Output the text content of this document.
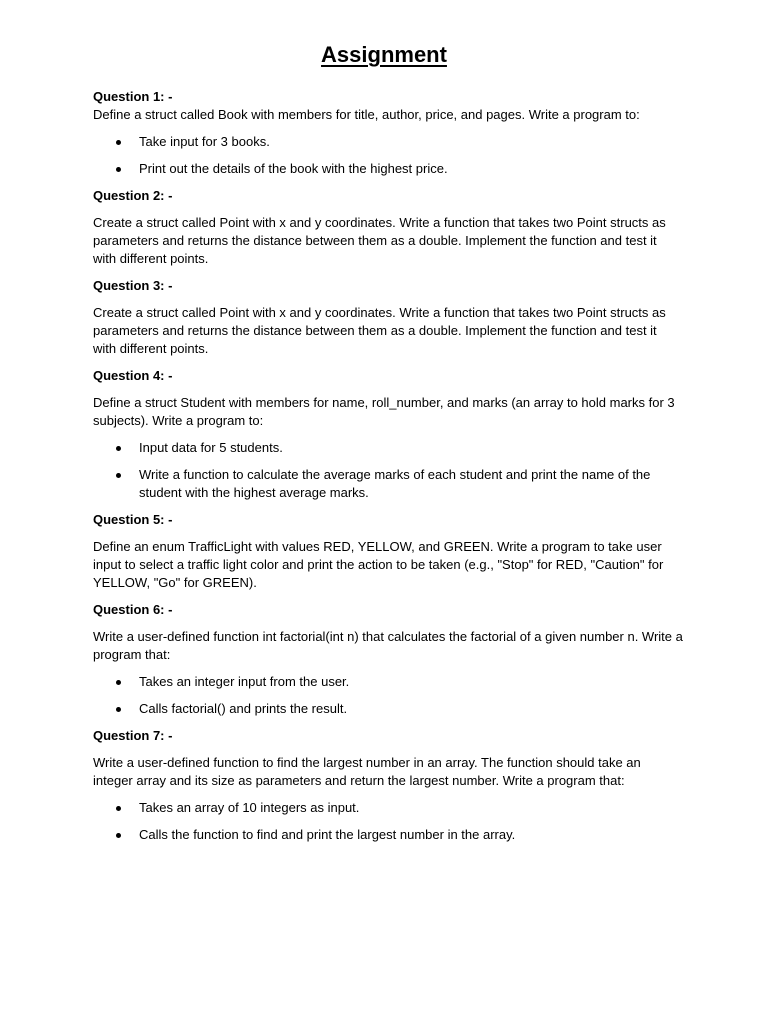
Assignment

Question 1: -

Define a struct called Book with members for title, author, price, and pages. Write a program to:

Take input for 3 books.
Print out the details of the book with the highest price.

Question 2: -

Create a struct called Point with x and y coordinates. Write a function that takes two Point structs as parameters and returns the distance between them as a double. Implement the function and test it with different points.

Question 3: -

Create a struct called Point with x and y coordinates. Write a function that takes two Point structs as parameters and returns the distance between them as a double. Implement the function and test it with different points.

Question 4: -

Define a struct Student with members for name, roll_number, and marks (an array to hold marks for 3 subjects). Write a program to:

Input data for 5 students.
Write a function to calculate the average marks of each student and print the name of the student with the highest average marks.

Question 5: -

Define an enum TrafficLight with values RED, YELLOW, and GREEN. Write a program to take user input to select a traffic light color and print the action to be taken (e.g., "Stop" for RED, "Caution" for YELLOW, "Go" for GREEN).

Question 6: -

Write a user-defined function int factorial(int n) that calculates the factorial of a given number n. Write a program that:

Takes an integer input from the user.
Calls factorial() and prints the result.

Question 7: -

Write a user-defined function to find the largest number in an array. The function should take an integer array and its size as parameters and return the largest number. Write a program that:

Takes an array of 10 integers as input.
Calls the function to find and print the largest number in the array.
